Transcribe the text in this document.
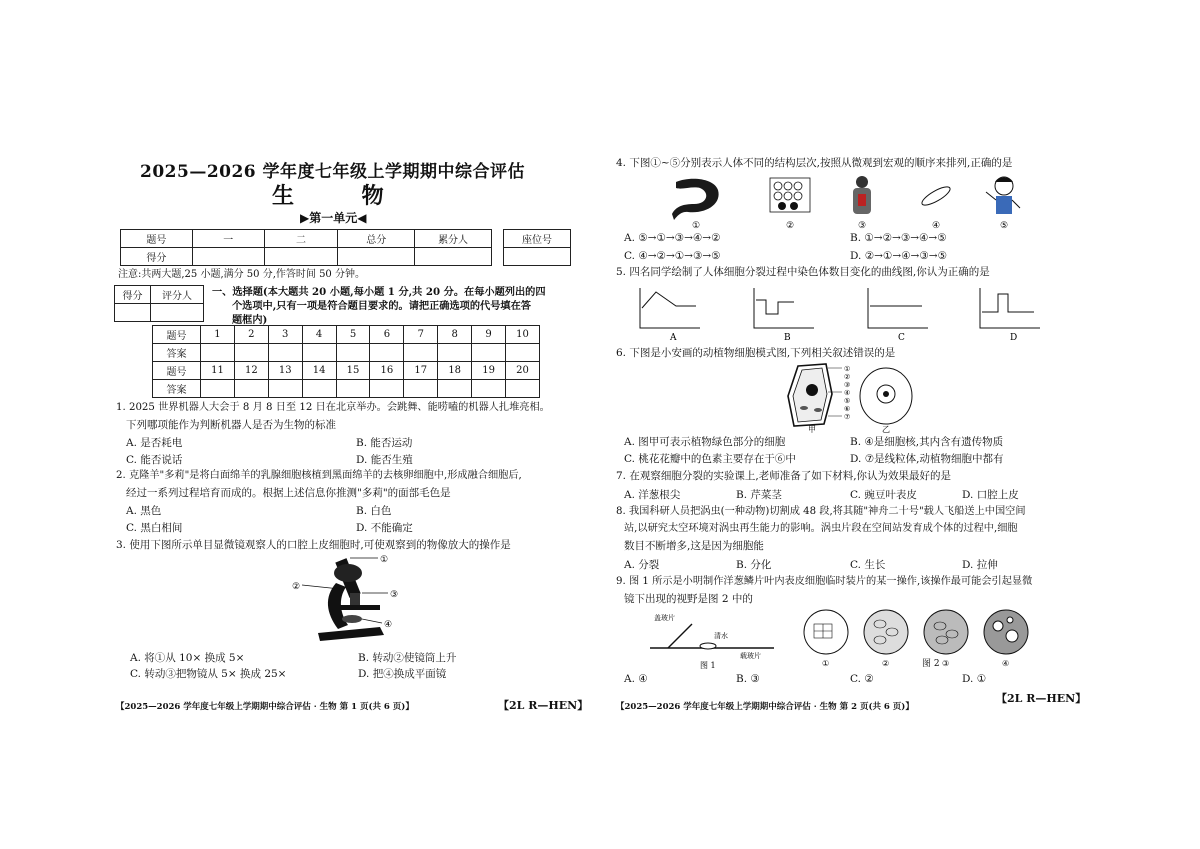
2025—2026 学年度七年级上学期期中综合评估
生 物
▶第一单元◀
题号	一	二	总分	累分人
得分				
座位号

注意:共两大题,25 小题,满分 50 分,作答时间 50 分钟。
得分	评分人
	一、选择题(本大题共 20 小题,每小题 1 分,共 20 分。在每小题列出的四
个选项中,只有一项是符合题目要求的。请把正确选项的代号填在答
题框内)
题号	1	2	3	4	5	6	7	8	9	10
答案										
题号	11	12	13	14	15	16	17	18	19	20
答案										
1. 2025 世界机器人大会于 8 月 8 日至 12 日在北京举办。会跳舞、能唠嗑的机器人扎堆亮相。
下列哪项能作为判断机器人是否为生物的标准
A. 是否耗电	B. 能否运动
C. 能否说话	D. 能否生殖
2. 克隆羊"多莉"是将白面绵羊的乳腺细胞核植到黑面绵羊的去核卵细胞中,形成融合细胞后,
经过一系列过程培育而成的。根据上述信息你推测"多莉"的面部毛色是
A. 黑色	B. 白色
C. 黑白相间	D. 不能确定
3. 使用下图所示单目显微镜观察人的口腔上皮细胞时,可使观察到的物像放大的操作是
①
②
③
④
A. 将①从 10× 换成 5×	B. 转动②使镜筒上升
C. 转动③把物镜从 5× 换成 25×	D. 把④换成平面镜
【2025—2026 学年度七年级上学期期中综合评估 · 生物 第 1 页(共 6 页)】	【2L R—HEN】
4. 下图①~⑤分别表示人体不同的结构层次,按照从微观到宏观的顺序来排列,正确的是
①	②	③	④	⑤
A. ⑤→①→③→④→②	B. ①→②→③→④→⑤
C. ④→②→①→③→⑤	D. ②→①→④→③→⑤
5. 四名同学绘制了人体细胞分裂过程中染色体数目变化的曲线图,你认为正确的是
A	B	C	D
6. 下图是小安画的动植物细胞模式图,下列相关叙述错误的是
①
②
③
④
⑤
⑥
⑦
甲	乙
A. 图甲可表示植物绿色部分的细胞	B. ④是细胞核,其内含有遗传物质
C. 桃花花瓣中的色素主要存在于⑥中	D. ⑦是线粒体,动植物细胞中都有
7. 在观察细胞分裂的实验课上,老师准备了如下材料,你认为效果最好的是
A. 洋葱根尖	B. 芹菜茎	C. 豌豆叶表皮	D. 口腔上皮
8. 我国科研人员把涡虫(一种动物)切割成 48 段,将其随"神舟二十号"载人飞船送上中国空间
站,以研究太空环境对涡虫再生能力的影响。涡虫片段在空间站发育成个体的过程中,细胞
数目不断增多,这是因为细胞能
A. 分裂	B. 分化	C. 生长	D. 拉伸
9. 图 1 所示是小明制作洋葱鳞片叶内表皮细胞临时装片的某一操作,该操作最可能会引起显微
镜下出现的视野是图 2 中的
盖玻片
清水
载玻片
图 1	①	②	③	④
图 2
A. ④	B. ③	C. ②	D. ①
【2025—2026 学年度七年级上学期期中综合评估 · 生物 第 2 页(共 6 页)】
【2L R—HEN】
